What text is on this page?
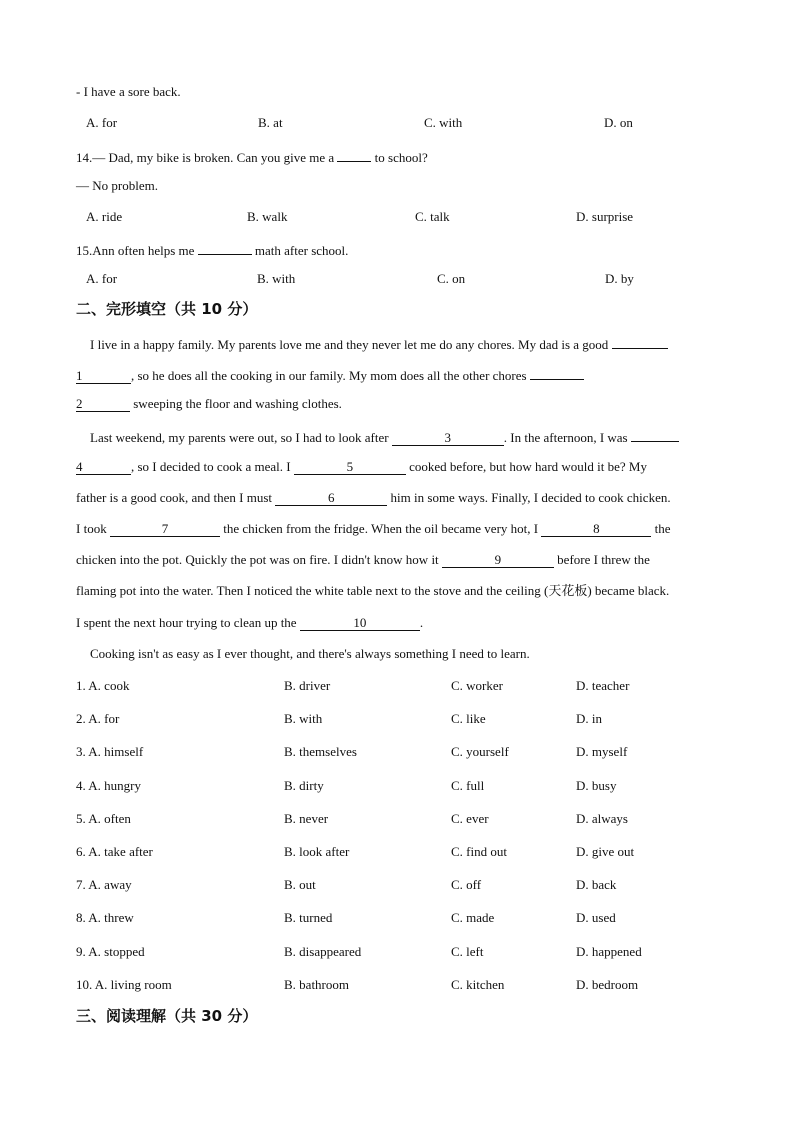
- I have a sore back.
A. for	B. at	C. with	D. on
14.— Dad, my bike is broken. Can you give me a	to school?
— No problem.
A. ride	B. walk	C. talk	D. surprise
15.Ann often helps me	math after school.
A. for	B. with	C. on	D. by
二、完形填空（共 10 分）
I live in a happy family. My parents love me and they never let me do any chores. My dad is a good
1	, so he does all the cooking in our family. My mom does all the other chores
2	sweeping the floor and washing clothes.
Last weekend, my parents were out, so I had to look after	3	. In the afternoon, I was
4	, so I decided to cook a meal. I	5	cooked before, but how hard would it be? My
father is a good cook, and then I must	6	him in some ways. Finally, I decided to cook chicken.
I took	7	the chicken from the fridge. When the oil became very hot, I	8	the
chicken into the pot. Quickly the pot was on fire. I didn't know how it	9	before I threw the
flaming pot into the water. Then I noticed the white table next to the stove and the ceiling (天花板) became black.
I spent the next hour trying to clean up the	10	.
Cooking isn't as easy as I ever thought, and there's always something I need to learn.
1. A. cook	B. driver	C. worker	D. teacher
2. A. for	B. with	C. like	D. in
3. A. himself	B. themselves	C. yourself	D. myself
4. A. hungry	B. dirty	C. full	D. busy
5. A. often	B. never	C. ever	D. always
6. A. take after	B. look after	C. find out	D. give out
7. A. away	B. out	C. off	D. back
8. A. threw	B. turned	C. made	D. used
9. A. stopped	B. disappeared	C. left	D. happened
10. A. living room	B. bathroom	C. kitchen	D. bedroom
三、阅读理解（共 30 分）
